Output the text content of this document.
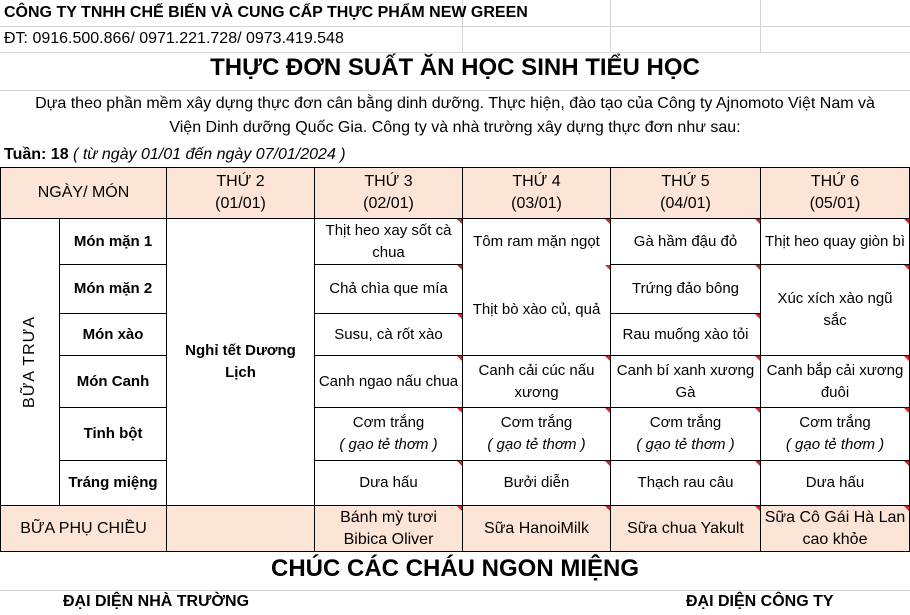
CÔNG TY TNHH CHẾ BIẾN VÀ CUNG CẤP THỰC PHẨM NEW GREEN
ĐT: 0916.500.866/ 0971.221.728/ 0973.419.548
THỰC ĐƠN SUẤT ĂN HỌC SINH TIỂU HỌC
Dựa theo phần mềm xây dựng thực đơn cân bằng dinh dưỡng. Thực hiện, đào tạo của Công ty Ajnomoto Việt Nam và
Viện Dinh dưỡng Quốc Gia. Công ty và nhà trường xây dựng thực đơn như sau:
Tuần: 18 ( từ ngày 01/01 đến ngày 07/01/2024 )
NGÀY/ MÓN
THỨ 2
(01/01)
THỨ 3
(02/01)
THỨ 4
(03/01)
THỨ 5
(04/01)
THỨ 6
(05/01)
BỮA TRƯA
Món mặn 1
Món mặn 2
Món xào
Món Canh
Tinh bột
Tráng miệng
Nghỉ tết Dương Lịch
Thịt heo xay sốt cà chua
Chả chìa que mía
Susu, cà rốt xào
Canh ngao nấu chua
Cơm trắng
( gạo tẻ thơm )
Dưa hấu
Tôm ram mặn ngọt
Thịt bò xào củ, quả
Canh cải cúc nấu xương
Cơm trắng
( gạo tẻ thơm )
Bưởi diễn
Gà hầm đậu đỏ
Trứng đảo bông
Rau muống xào tỏi
Canh bí xanh xương Gà
Cơm trắng
( gạo tẻ thơm )
Thạch rau câu
Thịt heo quay giòn bì
Xúc xích xào ngũ sắc
Canh bắp cải xương đuôi
Cơm trắng
( gạo tẻ thơm )
Dưa hấu
BỮA PHỤ CHIỀU
Bánh mỳ tươi Bibica Oliver
Sữa HanoiMilk Sữa chua Yakult
Sữa Cô Gái Hà Lan cao khỏe
CHÚC CÁC CHÁU NGON MIỆNG
ĐẠI DIỆN NHÀ TRƯỜNG	ĐẠI DIỆN CÔNG TY
